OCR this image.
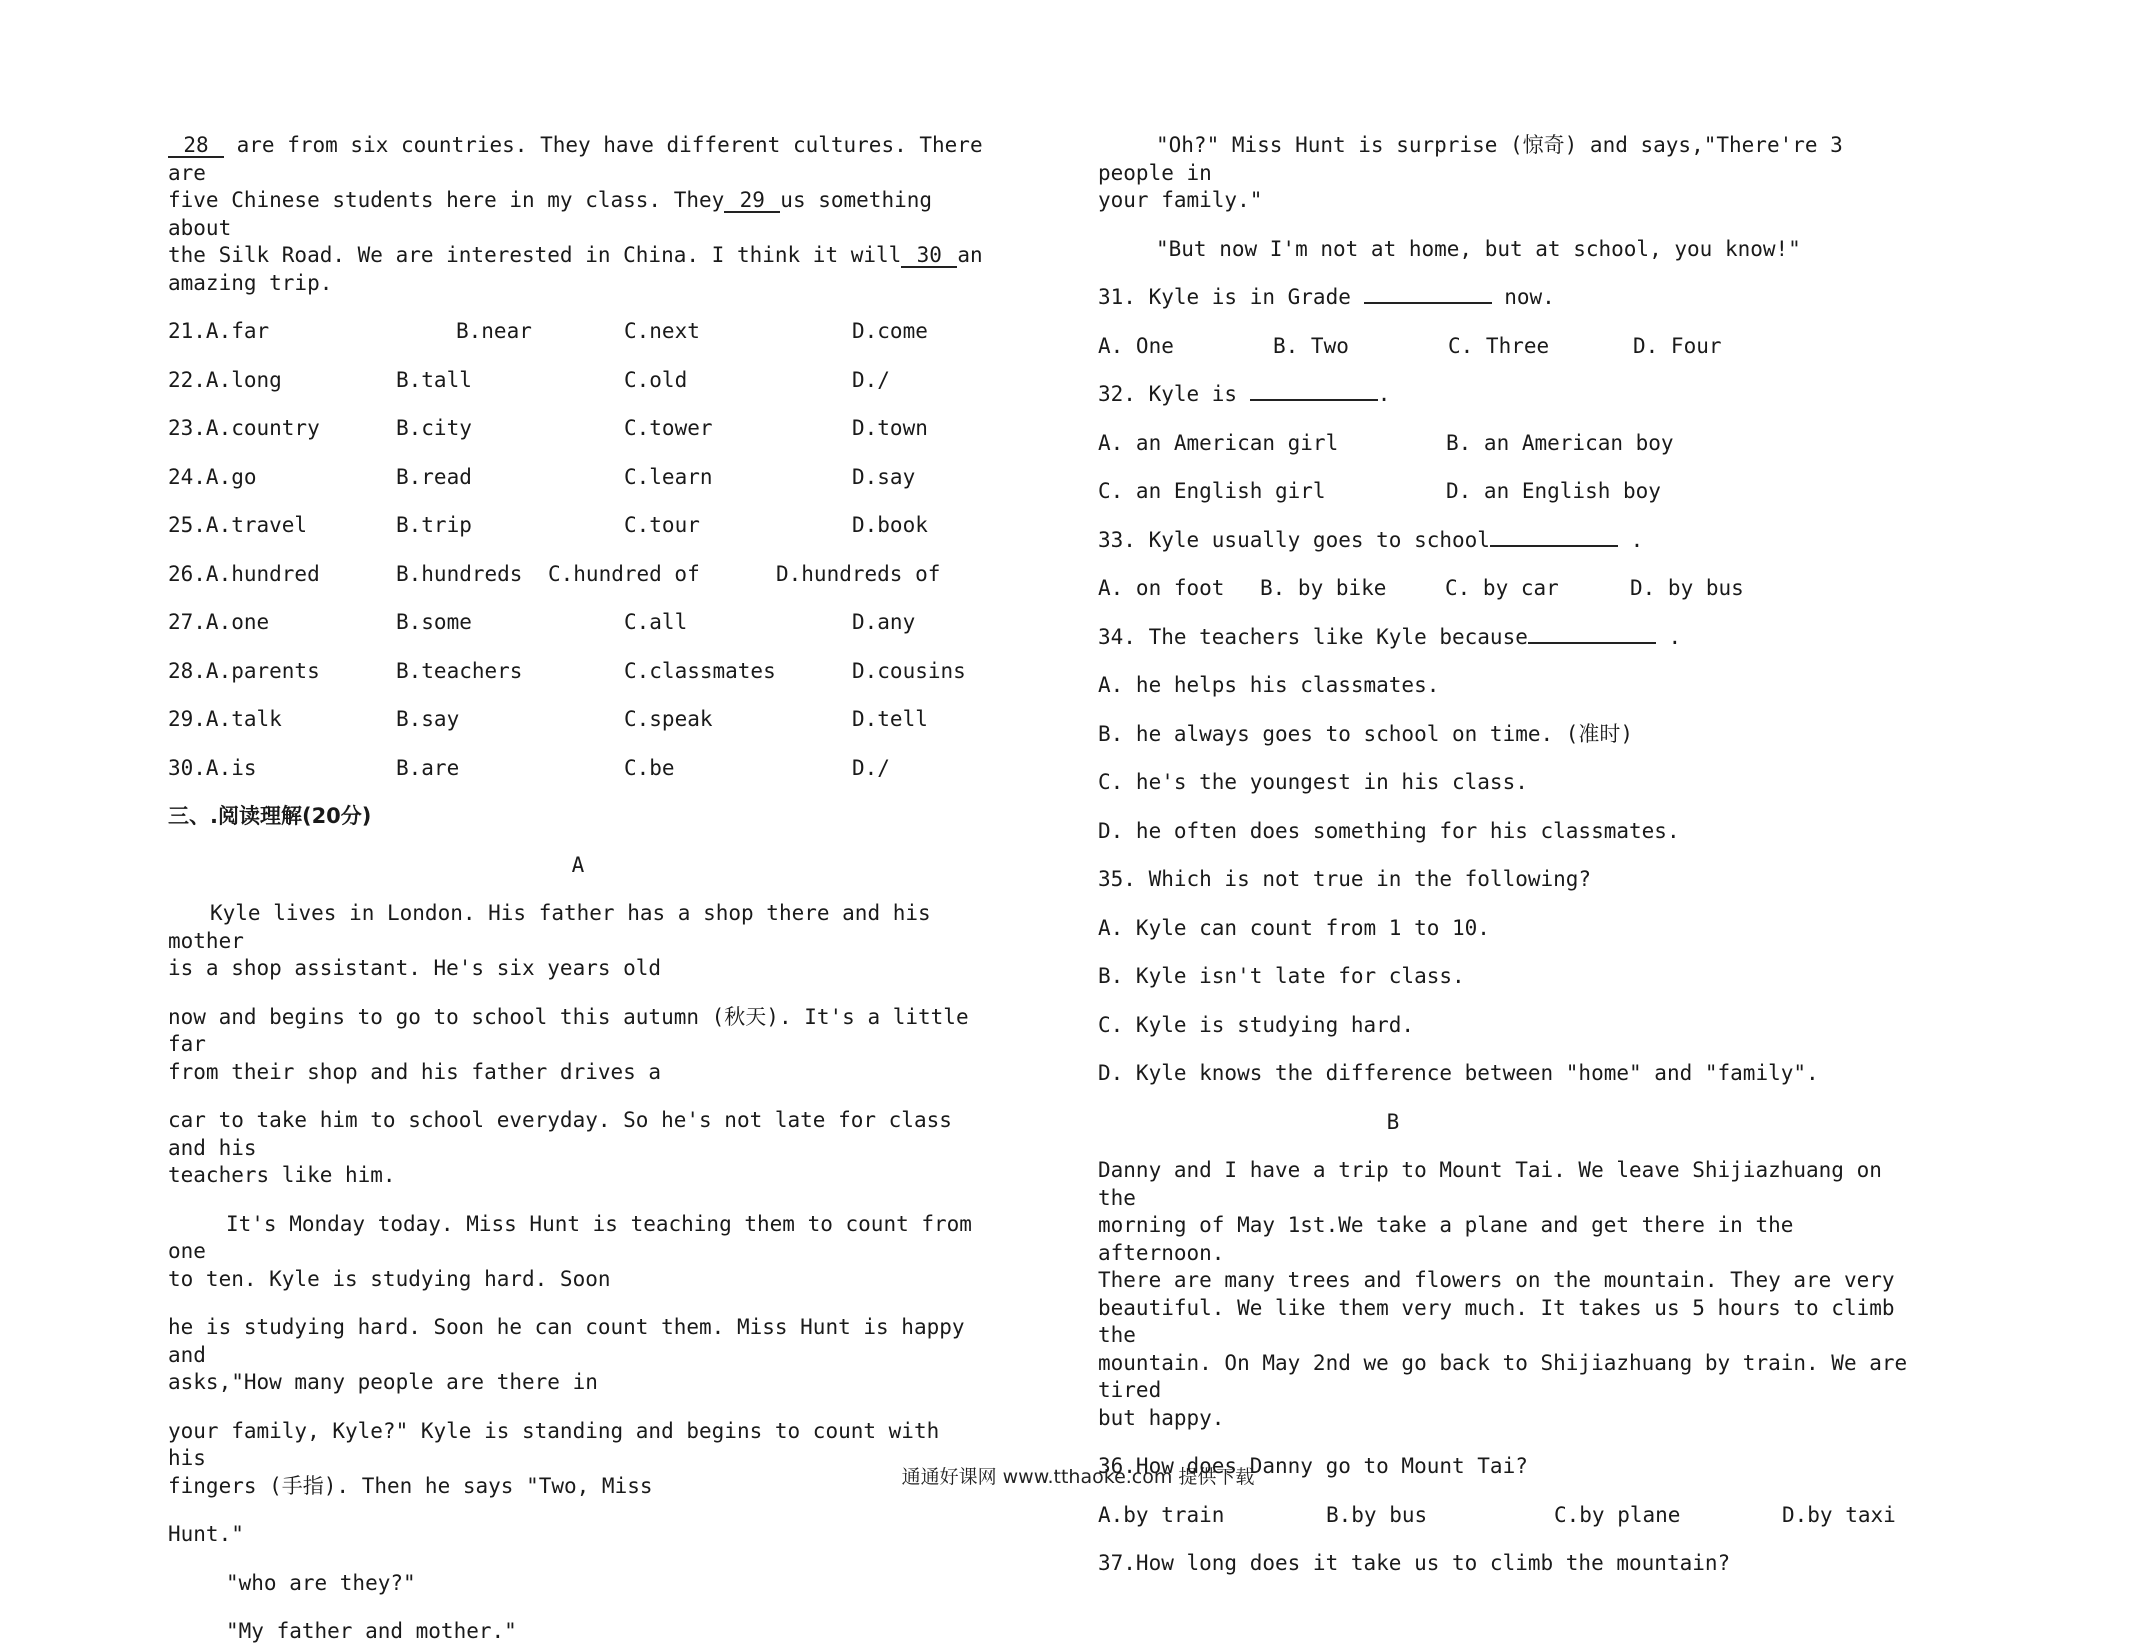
28 are from six countries. They have different cultures. There are
five Chinese students here in my class. They 29 us something about
the Silk Road. We are interested in China. I think it will 30 an
amazing trip.

21.A.far	B.near	C.next	D.come
22.A.long	B.tall	C.old	D./
23.A.country	B.city	C.tower	D.town
24.A.go	B.read	C.learn	D.say
25.A.travel	B.trip	C.tour	D.book
26.A.hundred	B.hundreds	C.hundred of	D.hundreds of
27.A.one	B.some	C.all	D.any
28.A.parents	B.teachers	C.classmates	D.cousins
29.A.talk	B.say	C.speak	D.tell
30.A.is	B.are	C.be	D./
三、.阅读理解(20分)
A

Kyle lives in London. His father has a shop there and his mother
is a shop assistant. He's six years old

now and begins to go to school this autumn (秋天). It's a little far
from their shop and his father drives a

car to take him to school everyday. So he's not late for class and his
teachers like him.

It's Monday today. Miss Hunt is teaching them to count from one
to ten. Kyle is studying hard. Soon

he is studying hard. Soon he can count them. Miss Hunt is happy and
asks,"How many people are there in

your family, Kyle?" Kyle is standing and begins to count with his
fingers (手指). Then he says "Two, Miss

Hunt."

"who are they?"

"My father and mother."

"Oh?" Miss Hunt is surprise (惊奇) and says,"There're 3 people in
your family."

"But now I'm not at home, but at school, you know!"

31. Kyle is in Grade	now.

A. One	B. Two	C. Three	D. Four

32. Kyle is	.

A. an American girl	B. an American boy
C. an English girl	D. an English boy

33. Kyle usually goes to school	.

A. on foot	B. by bike	C. by car	D. by bus

34. The teachers like Kyle because	.

A. he helps his classmates.

B. he always goes to school on time. (准时)

C. he's the youngest in his class.

D. he often does something for his classmates.

35. Which is not true in the following?

A. Kyle can count from 1 to 10.

B. Kyle isn't late for class.

C. Kyle is studying hard.

D. Kyle knows the difference between "home" and "family".

B

Danny and I have a trip to Mount Tai. We leave Shijiazhuang on the
morning of May 1st.We take a plane and get there in the afternoon.
There are many trees and flowers on the mountain. They are very
beautiful. We like them very much. It takes us 5 hours to climb the
mountain. On May 2nd we go back to Shijiazhuang by train. We are tired
but happy.

36.How does Danny go to Mount Tai?

A.by train	B.by bus	C.by plane	D.by taxi

37.How long does it take us to climb the mountain?

通通好课网 www.tthaoke.com 提供下载
